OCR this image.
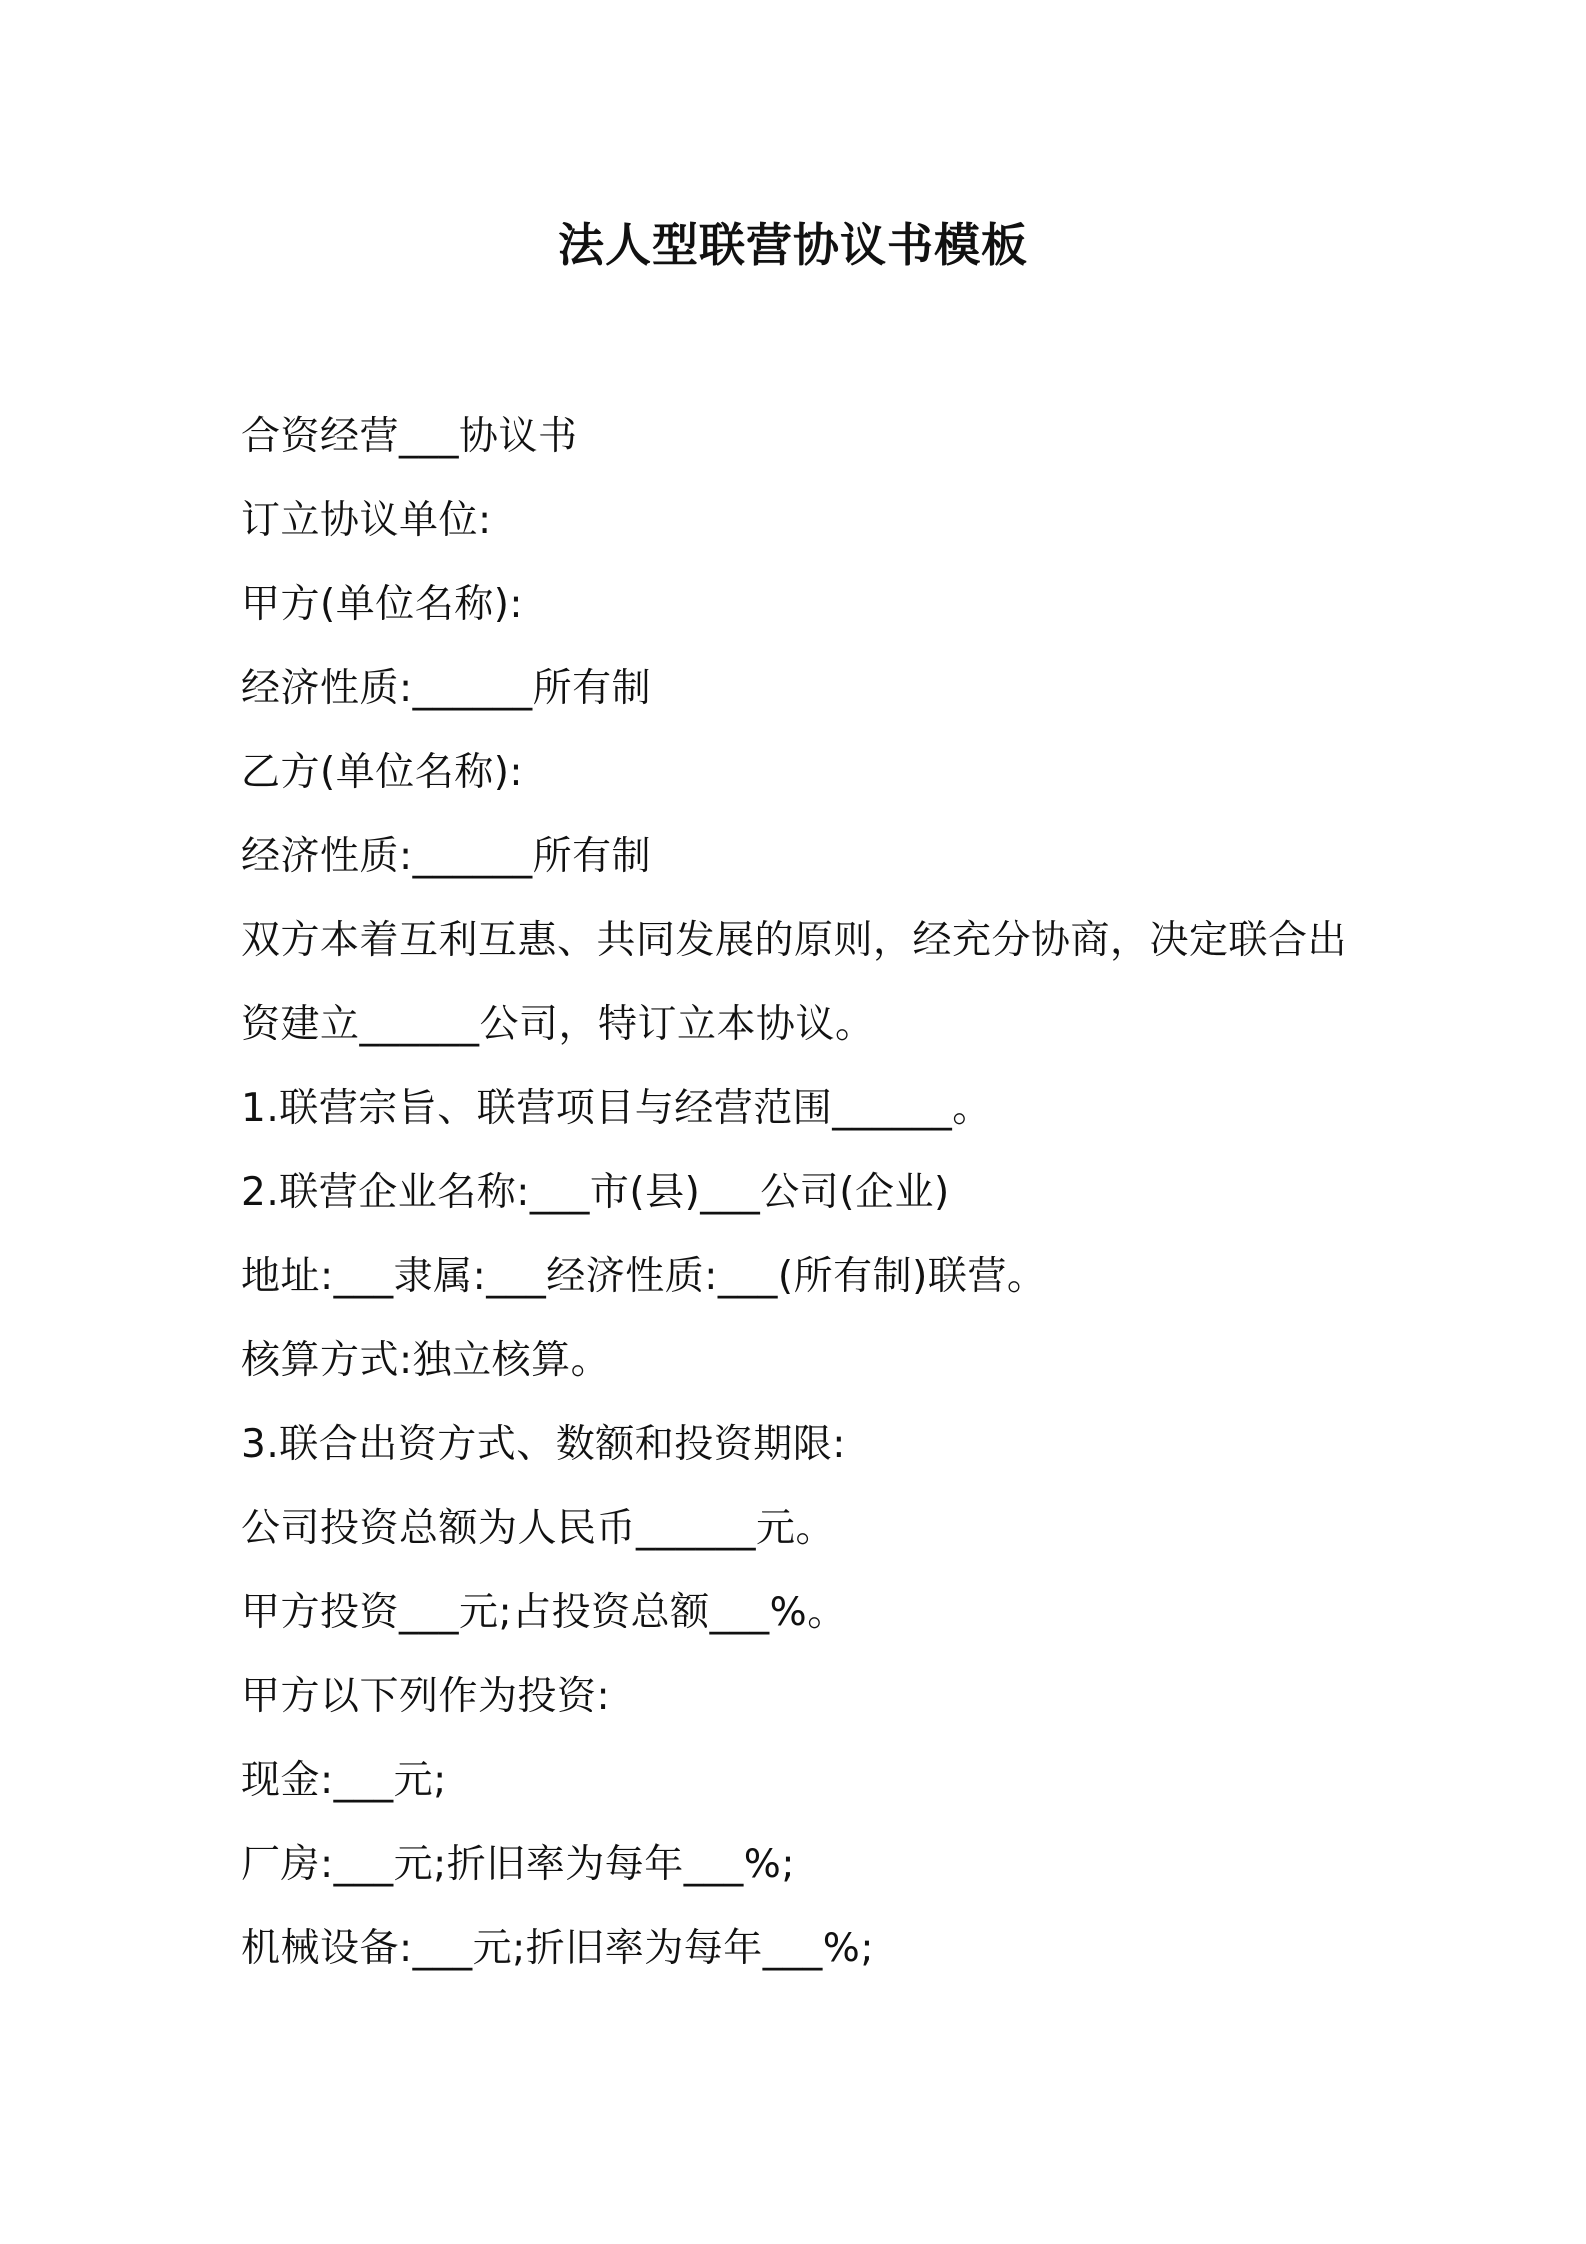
法人型联营协议书模板
合资经营___协议书
订立协议单位:
甲方(单位名称):
经济性质:______所有制
乙方(单位名称):
经济性质:______所有制
双方本着互利互惠、共同发展的原则，经充分协商，决定联合出
资建立______公司，特订立本协议。
1.联营宗旨、联营项目与经营范围______。
2.联营企业名称:___市(县)___公司(企业)
地址:___隶属:___经济性质:___(所有制)联营。
核算方式:独立核算。
3.联合出资方式、数额和投资期限:
公司投资总额为人民币______元。
甲方投资___元;占投资总额___%。
甲方以下列作为投资:
现金:___元;
厂房:___元;折旧率为每年___%;
机械设备:___元;折旧率为每年___%;
